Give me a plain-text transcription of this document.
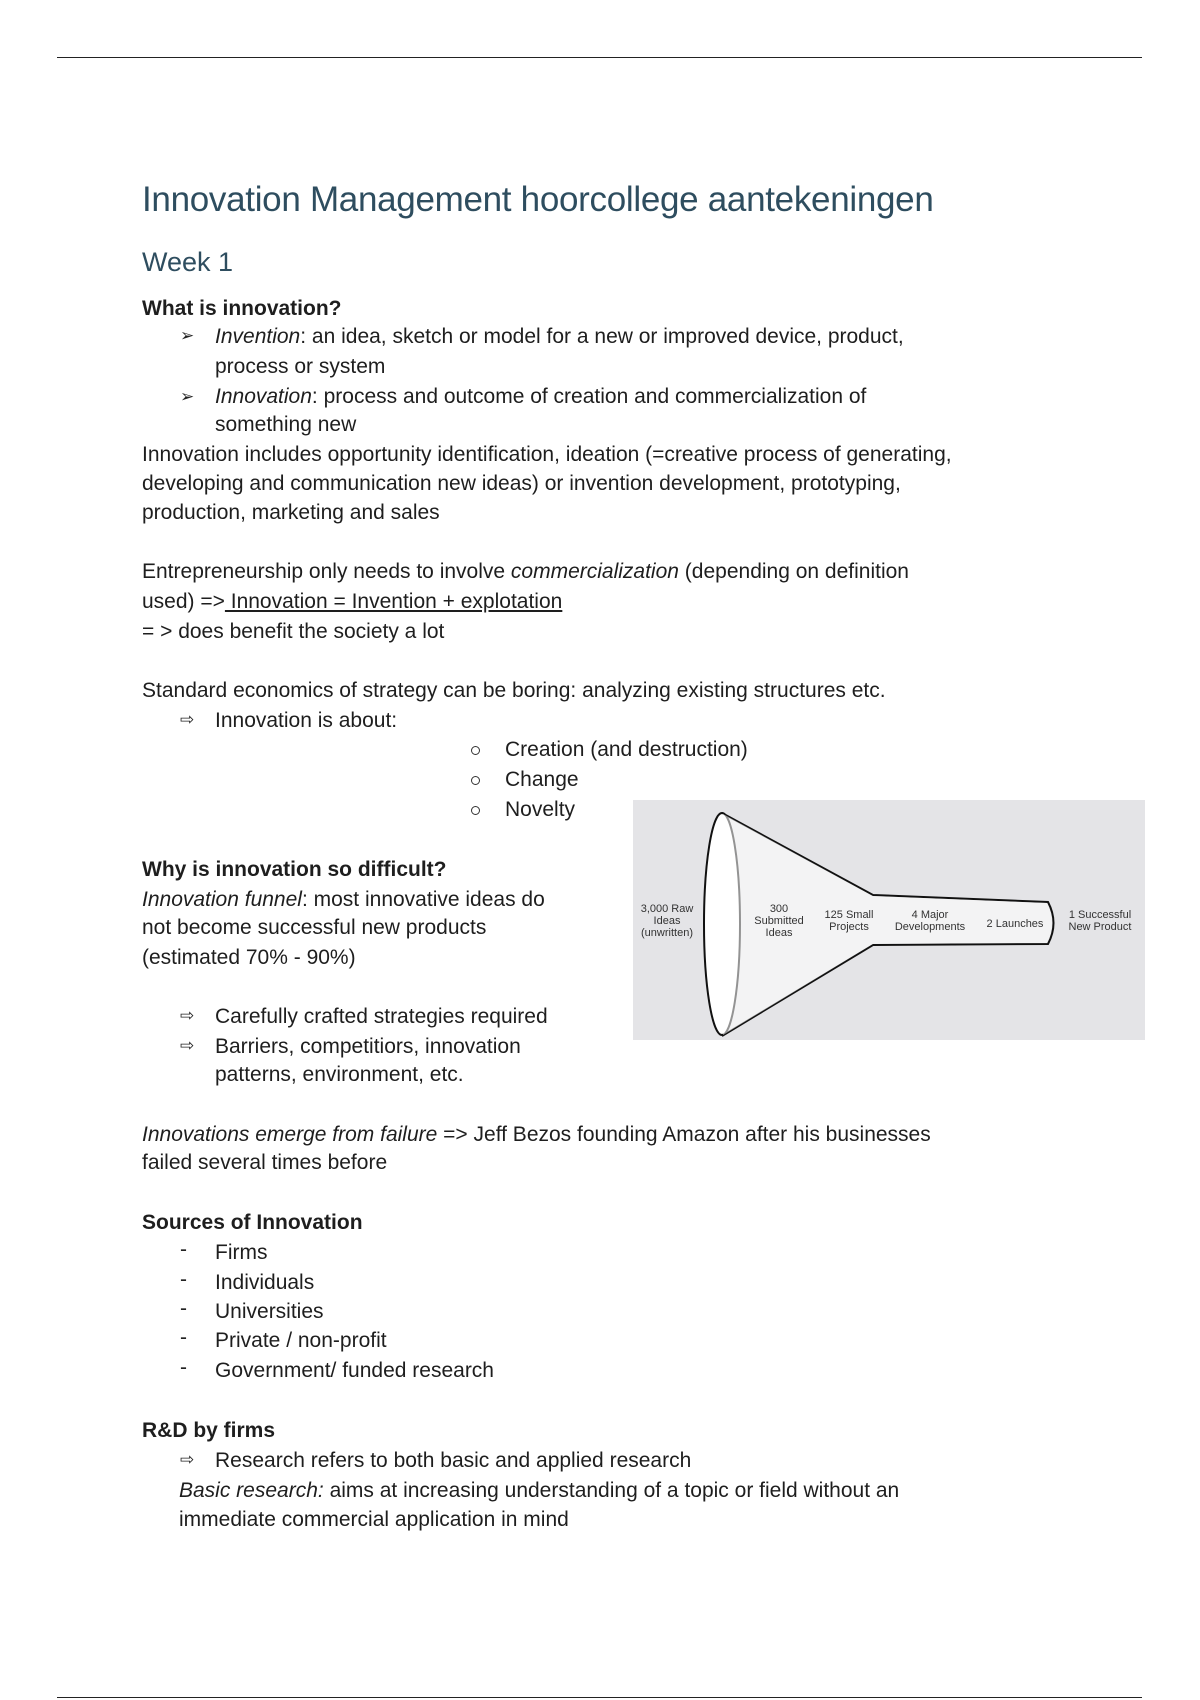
Innovation Management hoorcollege aantekeningen
Week 1
What is innovation?
➢ Invention: an idea, sketch or model for a new or improved device, product,
process or system
➢ Innovation: process and outcome of creation and commercialization of
something new
Innovation includes opportunity identification, ideation (=creative process of generating,
developing and communication new ideas) or invention development, prototyping,
production, marketing and sales
Entrepreneurship only needs to involve commercialization (depending on definition
used) => Innovation = Invention + explotation
= > does benefit the society a lot
Standard economics of strategy can be boring: analyzing existing structures etc.
⇨ Innovation is about:
Creation (and destruction)
Change
Novelty
3,000 Raw
Ideas
(unwritten)
300
Submitted
Ideas
125 Small
Projects
4 Major
Developments 2 Launches
1 Successful
New Product
Why is innovation so difficult?
Innovation funnel: most innovative ideas do
not become successful new products
(estimated 70% - 90%)
⇨ Carefully crafted strategies required
⇨ Barriers, competitiors, innovation
patterns, environment, etc.
Innovations emerge from failure => Jeff Bezos founding Amazon after his businesses
failed several times before
Sources of Innovation
- Firms
- Individuals
- Universities
- Private / non-profit
- Government/ funded research
R&D by firms
⇨ Research refers to both basic and applied research
Basic research: aims at increasing understanding of a topic or field without an
immediate commercial application in mind
